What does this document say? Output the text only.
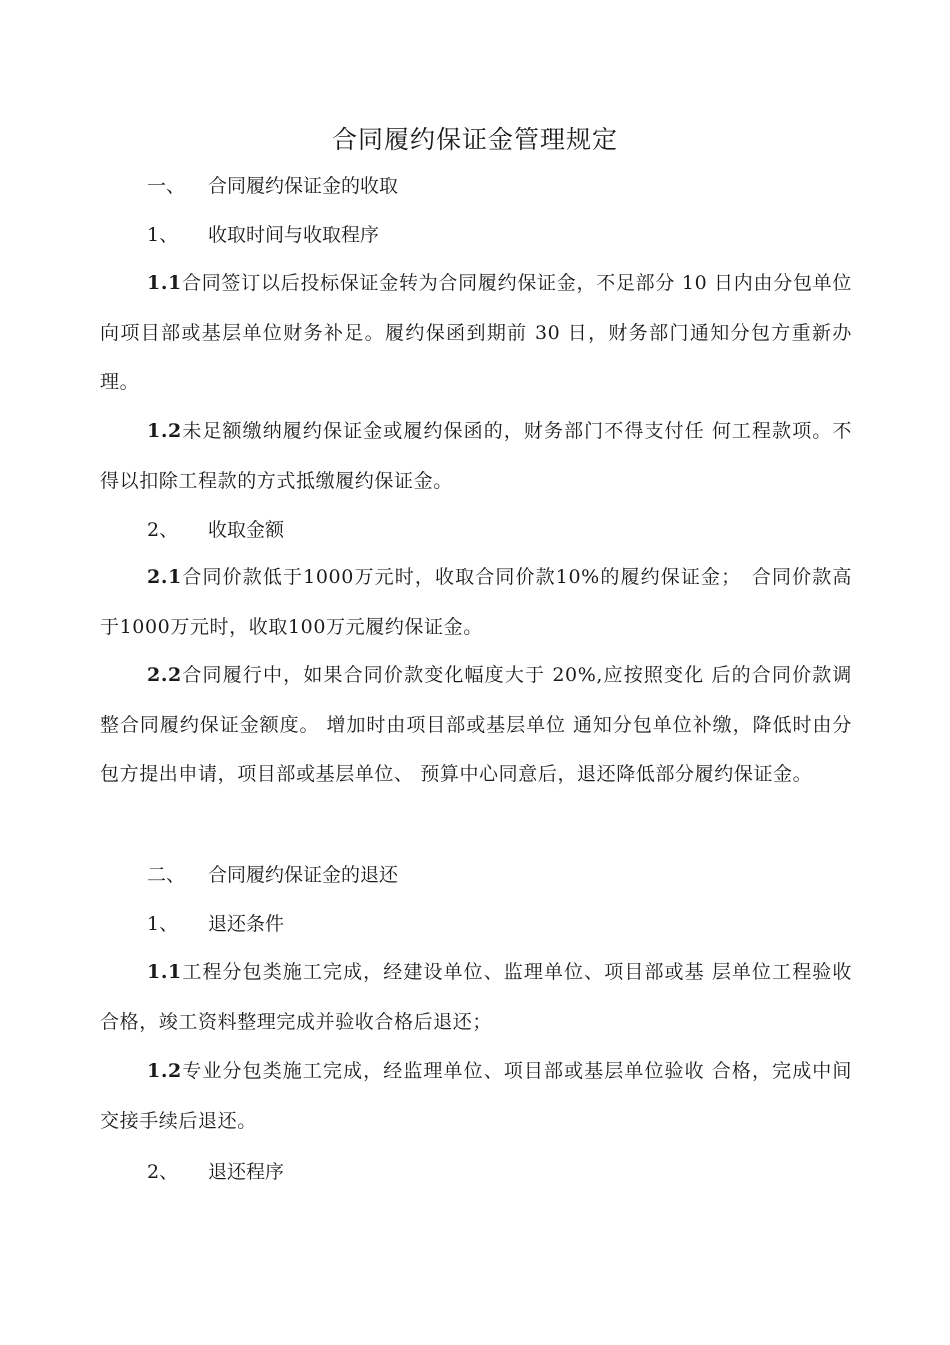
合同履约保证金管理规定
一、 合同履约保证金的收取
1、 收取时间与收取程序
1.1合同签订以后投标保证金转为合同履约保证金，不足部分 10 日内由分包单位向项目部或基层单位财务补足。履约保函到期前 30 日，财务部门通知分包方重新办理。
1.2未足额缴纳履约保证金或履约保函的，财务部门不得支付任 何工程款项。不得以扣除工程款的方式抵缴履约保证金。
2、 收取金额
2.1合同价款低于1000万元时，收取合同价款10%的履约保证金；　合同价款高于1000万元时，收取100万元履约保证金。
2.2合同履行中，如果合同价款变化幅度大于 20%,应按照变化 后的合同价款调整合同履约保证金额度。 增加时由项目部或基层单位 通知分包单位补缴，降低时由分包方提出申请，项目部或基层单位、 预算中心同意后，退还降低部分履约保证金。
二、 合同履约保证金的退还
1、 退还条件
1.1工程分包类施工完成，经建设单位、监理单位、项目部或基 层单位工程验收合格，竣工资料整理完成并验收合格后退还；
1.2专业分包类施工完成，经监理单位、项目部或基层单位验收 合格，完成中间交接手续后退还。
2、 退还程序
